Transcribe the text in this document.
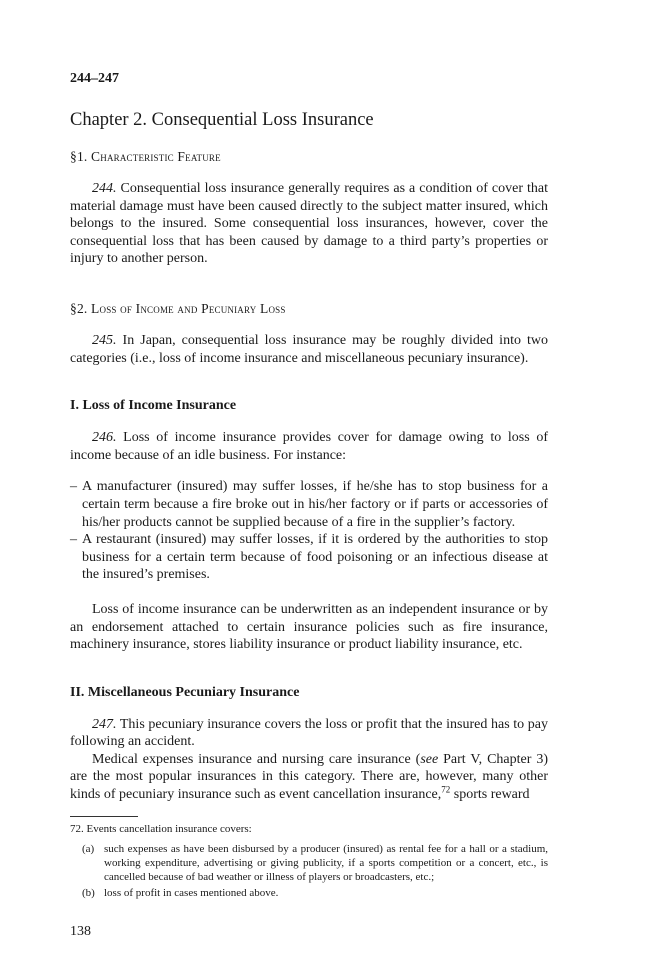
244–247
Chapter 2. Consequential Loss Insurance
§1. Characteristic Feature

244. Consequential loss insurance generally requires as a condition of cover that material damage must have been caused directly to the subject matter insured, which belongs to the insured. Some consequential loss insurances, however, cover the consequential loss that has been caused by damage to a third party’s properties or injury to another person.

§2. Loss of Income and Pecuniary Loss

245. In Japan, consequential loss insurance may be roughly divided into two categories (i.e., loss of income insurance and miscellaneous pecuniary insurance).

I. Loss of Income Insurance

246. Loss of income insurance provides cover for damage owing to loss of income because of an idle business. For instance:

– A manufacturer (insured) may suffer losses, if he/she has to stop business for a certain term because a fire broke out in his/her factory or if parts or accessories of his/her products cannot be supplied because of a fire in the supplier’s factory.
– A restaurant (insured) may suffer losses, if it is ordered by the authorities to stop business for a certain term because of food poisoning or an infectious disease at the insured’s premises.

Loss of income insurance can be underwritten as an independent insurance or by an endorsement attached to certain insurance policies such as fire insurance, machinery insurance, stores liability insurance or product liability insurance, etc.

II. Miscellaneous Pecuniary Insurance

247. This pecuniary insurance covers the loss or profit that the insured has to pay following an accident.

Medical expenses insurance and nursing care insurance (see Part V, Chapter 3) are the most popular insurances in this category. There are, however, many other kinds of pecuniary insurance such as event cancellation insurance,$^{72}$ sports reward

72. Events cancellation insurance covers:
(a) such expenses as have been disbursed by a producer (insured) as rental fee for a hall or a stadium, working expenditure, advertising or giving publicity, if a sports competition or a concert, etc., is cancelled because of bad weather or illness of players or broadcasters, etc.;
(b) loss of profit in cases mentioned above.
138
